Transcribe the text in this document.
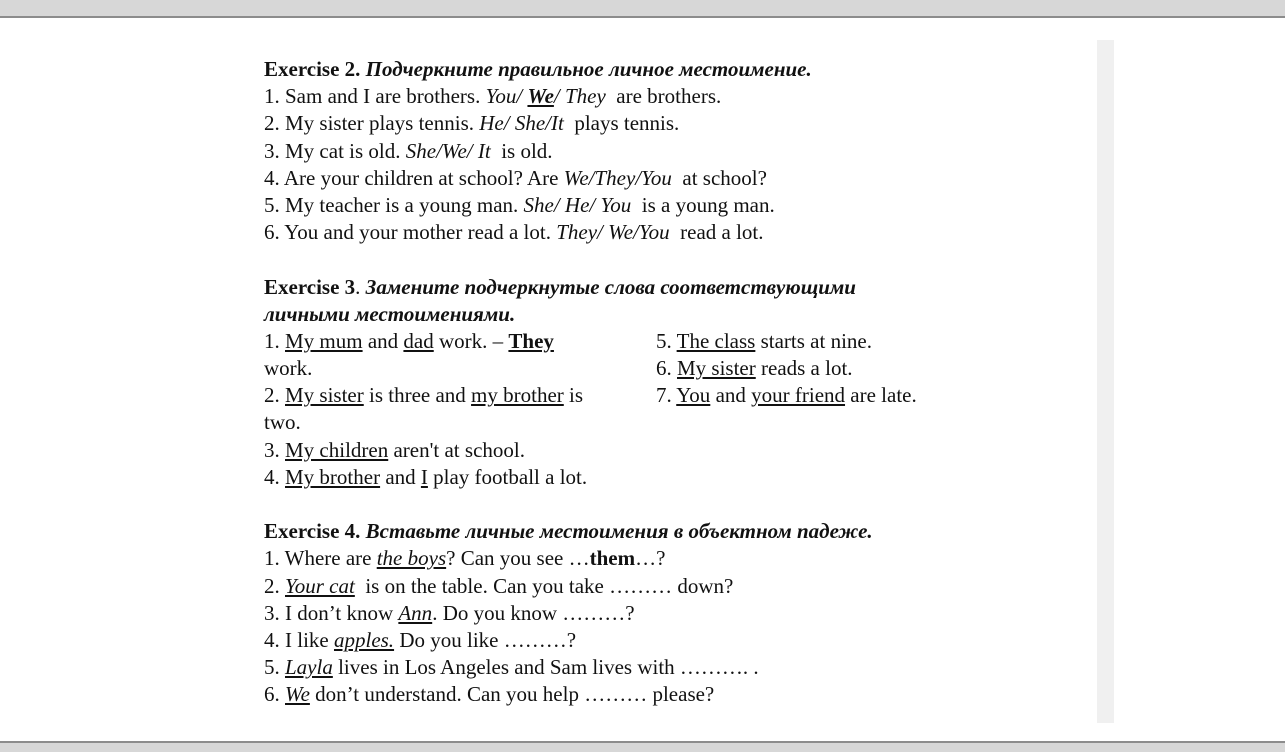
Exercise 2. Подчеркните правильное личное местоимение.
1. Sam and I are brothers. You/ We/ They are brothers.
2. My sister plays tennis. He/ She/It plays tennis.
3. My cat is old. She/We/ It is old.
4. Are your children at school? Are We/They/You at school?
5. My teacher is a young man. She/ He/ You is a young man.
6. You and your mother read a lot. They/ We/You read a lot.
Exercise 3. Замените подчеркнутые слова соответствующими
личными местоимениями.
1. My mum and dad work. – They
work.
2. My sister is three and my brother is
two.
3. My children aren't at school.
4. My brother and I play football a lot.
5. The class starts at nine.
6. My sister reads a lot.
7. You and your friend are late.
Exercise 4. Вставьте личные местоимения в объектном падеже.
1. Where are the boys? Can you see …them…?
2. Your cat is on the table. Can you take ……… down?
3. I don’t know Ann. Do you know ………?
4. I like apples. Do you like ………?
5. Layla lives in Los Angeles and Sam lives with ………. .
6. We don’t understand. Can you help ……… please?
